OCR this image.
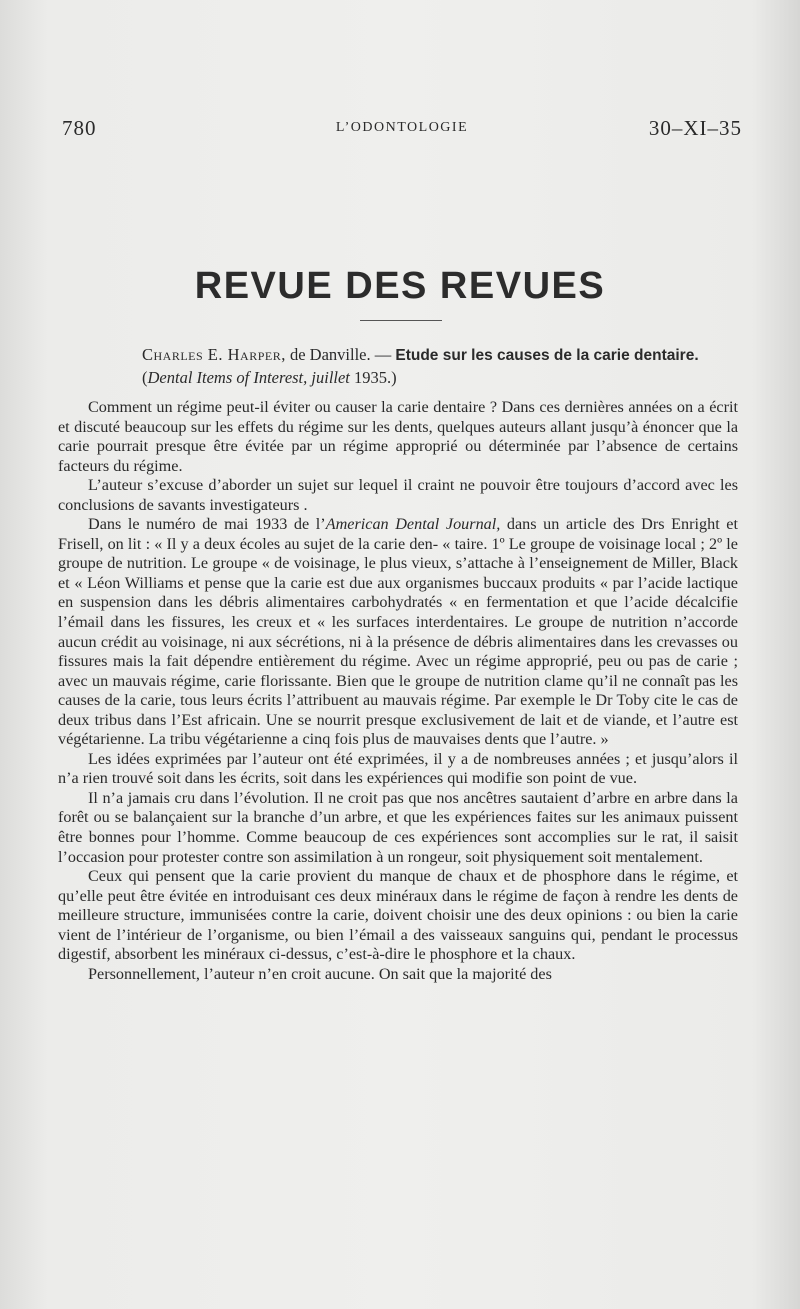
780	L’ODONTOLOGIE	30–XI–35
REVUE DES REVUES
Charles E. Harper, de Danville. — Etude sur les causes de la carie dentaire. (Dental Items of Interest, juillet 1935.)

Comment un régime peut-il éviter ou causer la carie dentaire ? Dans ces dernières années on a écrit et discuté beaucoup sur les effets du régime sur les dents, quelques auteurs allant jusqu’à énoncer que la carie pourrait presque être évitée par un régime approprié ou déterminée par l’absence de certains facteurs du régime.

L’auteur s’excuse d’aborder un sujet sur lequel il craint ne pouvoir être toujours d’accord avec les conclusions de savants investigateurs .

Dans le numéro de mai 1933 de l’American Dental Journal, dans un article des Drs Enright et Frisell, on lit : « Il y a deux écoles au sujet de la carie den- « taire. 1º Le groupe de voisinage local ; 2º le groupe de nutrition. Le groupe « de voisinage, le plus vieux, s’attache à l’enseignement de Miller, Black et « Léon Williams et pense que la carie est due aux organismes buccaux produits « par l’acide lactique en suspension dans les débris alimentaires carbohydratés « en fermentation et que l’acide décalcifie l’émail dans les fissures, les creux et « les surfaces interdentaires. Le groupe de nutrition n’accorde aucun crédit au voisinage, ni aux sécrétions, ni à la présence de débris alimentaires dans les crevasses ou fissures mais la fait dépendre entièrement du régime. Avec un régime approprié, peu ou pas de carie ; avec un mauvais régime, carie florissante. Bien que le groupe de nutrition clame qu’il ne connaît pas les causes de la carie, tous leurs écrits l’attribuent au mauvais régime. Par exemple le Dr Toby cite le cas de deux tribus dans l’Est africain. Une se nourrit presque exclusivement de lait et de viande, et l’autre est végétarienne. La tribu végétarienne a cinq fois plus de mauvaises dents que l’autre. »

Les idées exprimées par l’auteur ont été exprimées, il y a de nombreuses années ; et jusqu’alors il n’a rien trouvé soit dans les écrits, soit dans les expériences qui modifie son point de vue.

Il n’a jamais cru dans l’évolution. Il ne croit pas que nos ancêtres sautaient d’arbre en arbre dans la forêt ou se balançaient sur la branche d’un arbre, et que les expériences faites sur les animaux puissent être bonnes pour l’homme. Comme beaucoup de ces expériences sont accomplies sur le rat, il saisit l’occasion pour protester contre son assimilation à un rongeur, soit physiquement soit mentalement.

Ceux qui pensent que la carie provient du manque de chaux et de phosphore dans le régime, et qu’elle peut être évitée en introduisant ces deux minéraux dans le régime de façon à rendre les dents de meilleure structure, immunisées contre la carie, doivent choisir une des deux opinions : ou bien la carie vient de l’intérieur de l’organisme, ou bien l’émail a des vaisseaux sanguins qui, pendant le processus digestif, absorbent les minéraux ci-dessus, c’est-à-dire le phosphore et la chaux.

Personnellement, l’auteur n’en croit aucune. On sait que la majorité des
